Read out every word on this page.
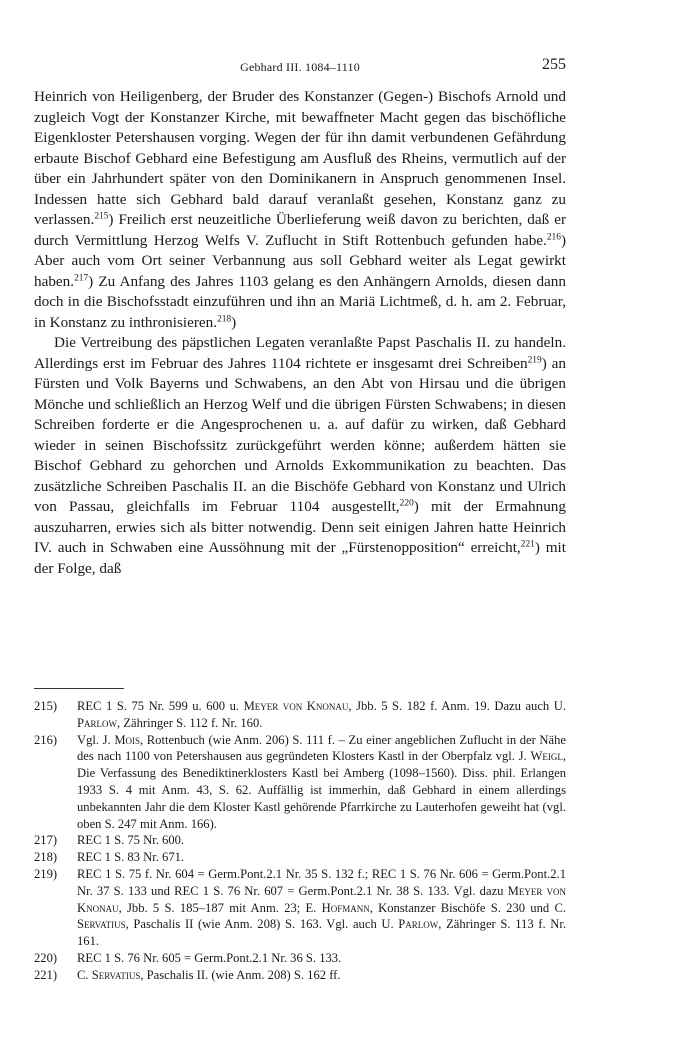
Gebhard III. 1084–1110	255

Heinrich von Heiligenberg, der Bruder des Konstanzer (Gegen-) Bischofs Arnold und zugleich Vogt der Konstanzer Kirche, mit bewaffneter Macht gegen das bischöfliche Eigenkloster Petershausen vorging. Wegen der für ihn damit verbundenen Gefährdung erbaute Bischof Gebhard eine Befestigung am Ausfluß des Rheins, vermutlich auf der über ein Jahrhundert später von den Dominikanern in Anspruch genommenen Insel. Indessen hatte sich Gebhard bald darauf veranlaßt gesehen, Konstanz ganz zu verlassen.$^{215}$) Freilich erst neuzeitliche Überlieferung weiß davon zu berichten, daß er durch Vermittlung Herzog Welfs V. Zuflucht in Stift Rottenbuch gefunden habe.$^{216}$) Aber auch vom Ort seiner Verbannung aus soll Gebhard weiter als Legat gewirkt haben.$^{217}$) Zu Anfang des Jahres 1103 gelang es den Anhängern Arnolds, diesen dann doch in die Bischofsstadt einzuführen und ihn an Mariä Lichtmeß, d. h. am 2. Februar, in Konstanz zu inthronisieren.$^{218}$)

Die Vertreibung des päpstlichen Legaten veranlaßte Papst Paschalis II. zu handeln. Allerdings erst im Februar des Jahres 1104 richtete er insgesamt drei Schreiben$^{219}$) an Fürsten und Volk Bayerns und Schwabens, an den Abt von Hirsau und die übrigen Mönche und schließlich an Herzog Welf und die übrigen Fürsten Schwabens; in diesen Schreiben forderte er die Angesprochenen u. a. auf dafür zu wirken, daß Gebhard wieder in seinen Bischofssitz zurückgeführt werden könne; außerdem hätten sie Bischof Gebhard zu gehorchen und Arnolds Exkommunikation zu beachten. Das zusätzliche Schreiben Paschalis II. an die Bischöfe Gebhard von Konstanz und Ulrich von Passau, gleichfalls im Februar 1104 ausgestellt,$^{220}$) mit der Ermahnung auszuharren, erwies sich als bitter notwendig. Denn seit einigen Jahren hatte Heinrich IV. auch in Schwaben eine Aussöhnung mit der „Fürstenopposition“ erreicht,$^{221}$) mit der Folge, daß

215) REC 1 S. 75 Nr. 599 u. 600 u. Meyer von Knonau, Jbb. 5 S. 182 f. Anm. 19. Dazu auch U. Parlow, Zähringer S. 112 f. Nr. 160.

216) Vgl. J. Mois, Rottenbuch (wie Anm. 206) S. 111 f. – Zu einer angeblichen Zuflucht in der Nähe des nach 1100 von Petershausen aus gegründeten Klosters Kastl in der Oberpfalz vgl. J. Weigl, Die Verfassung des Benediktinerklosters Kastl bei Amberg (1098–1560). Diss. phil. Erlangen 1933 S. 4 mit Anm. 43, S. 62. Auffällig ist immerhin, daß Gebhard in einem allerdings unbekannten Jahr die dem Kloster Kastl gehörende Pfarrkirche zu Lauterhofen geweiht hat (vgl. oben S. 247 mit Anm. 166).

217) REC 1 S. 75 Nr. 600.

218) REC 1 S. 83 Nr. 671.

219) REC 1 S. 75 f. Nr. 604 = Germ.Pont.2.1 Nr. 35 S. 132 f.; REC 1 S. 76 Nr. 606 = Germ.Pont.2.1 Nr. 37 S. 133 und REC 1 S. 76 Nr. 607 = Germ.Pont.2.1 Nr. 38 S. 133. Vgl. dazu Meyer von Knonau, Jbb. 5 S. 185–187 mit Anm. 23; E. Hofmann, Konstanzer Bischöfe S. 230 und C. Servatius, Paschalis II (wie Anm. 208) S. 163. Vgl. auch U. Parlow, Zähringer S. 113 f. Nr. 161.

220) REC 1 S. 76 Nr. 605 = Germ.Pont.2.1 Nr. 36 S. 133.

221) C. Servatius, Paschalis II. (wie Anm. 208) S. 162 ff.
